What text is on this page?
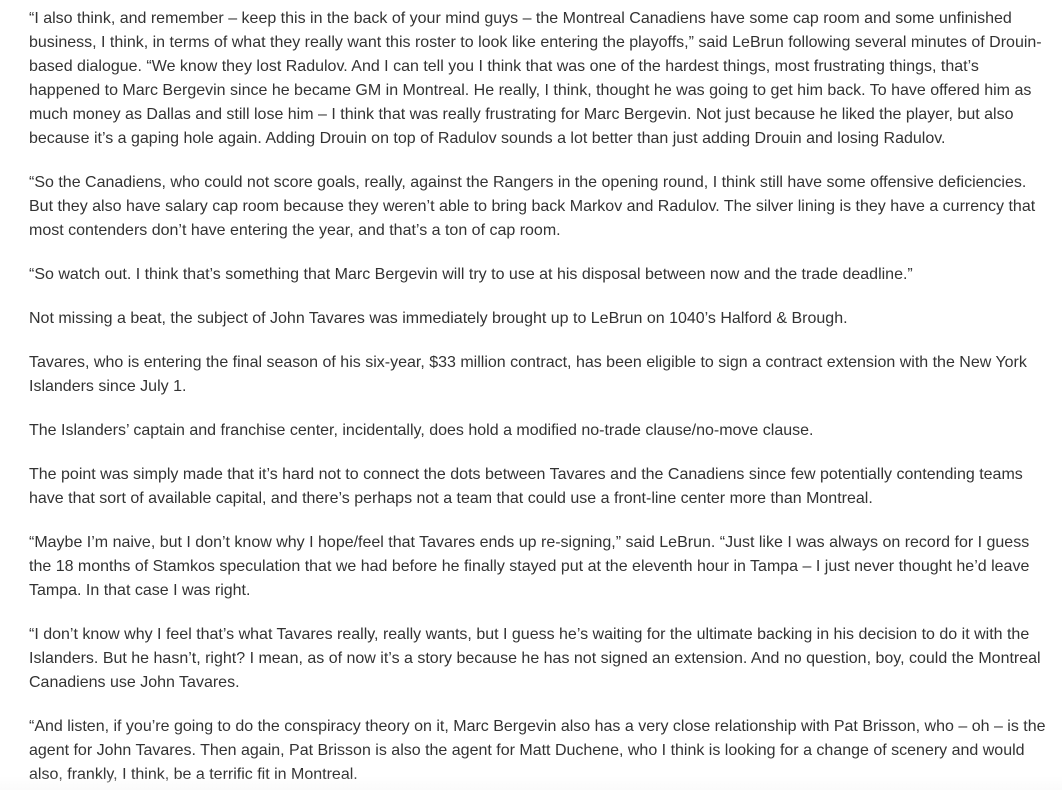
“I also think, and remember – keep this in the back of your mind guys – the Montreal Canadiens have some cap room and some unfinished business, I think, in terms of what they really want this roster to look like entering the playoffs,” said LeBrun following several minutes of Drouin-based dialogue. “We know they lost Radulov. And I can tell you I think that was one of the hardest things, most frustrating things, that’s happened to Marc Bergevin since he became GM in Montreal. He really, I think, thought he was going to get him back. To have offered him as much money as Dallas and still lose him – I think that was really frustrating for Marc Bergevin. Not just because he liked the player, but also because it’s a gaping hole again. Adding Drouin on top of Radulov sounds a lot better than just adding Drouin and losing Radulov.

“So the Canadiens, who could not score goals, really, against the Rangers in the opening round, I think still have some offensive deficiencies. But they also have salary cap room because they weren’t able to bring back Markov and Radulov. The silver lining is they have a currency that most contenders don’t have entering the year, and that’s a ton of cap room.

“So watch out. I think that’s something that Marc Bergevin will try to use at his disposal between now and the trade deadline.”

Not missing a beat, the subject of John Tavares was immediately brought up to LeBrun on 1040’s Halford & Brough.

Tavares, who is entering the final season of his six-year, $33 million contract, has been eligible to sign a contract extension with the New York Islanders since July 1.

The Islanders’ captain and franchise center, incidentally, does hold a modified no-trade clause/no-move clause.

The point was simply made that it’s hard not to connect the dots between Tavares and the Canadiens since few potentially contending teams have that sort of available capital, and there’s perhaps not a team that could use a front-line center more than Montreal.

“Maybe I’m naive, but I don’t know why I hope/feel that Tavares ends up re-signing,” said LeBrun. “Just like I was always on record for I guess the 18 months of Stamkos speculation that we had before he finally stayed put at the eleventh hour in Tampa – I just never thought he’d leave Tampa. In that case I was right.

“I don’t know why I feel that’s what Tavares really, really wants, but I guess he’s waiting for the ultimate backing in his decision to do it with the Islanders. But he hasn’t, right? I mean, as of now it’s a story because he has not signed an extension. And no question, boy, could the Montreal Canadiens use John Tavares.

“And listen, if you’re going to do the conspiracy theory on it, Marc Bergevin also has a very close relationship with Pat Brisson, who – oh – is the agent for John Tavares. Then again, Pat Brisson is also the agent for Matt Duchene, who I think is looking for a change of scenery and would also, frankly, I think, be a terrific fit in Montreal.
